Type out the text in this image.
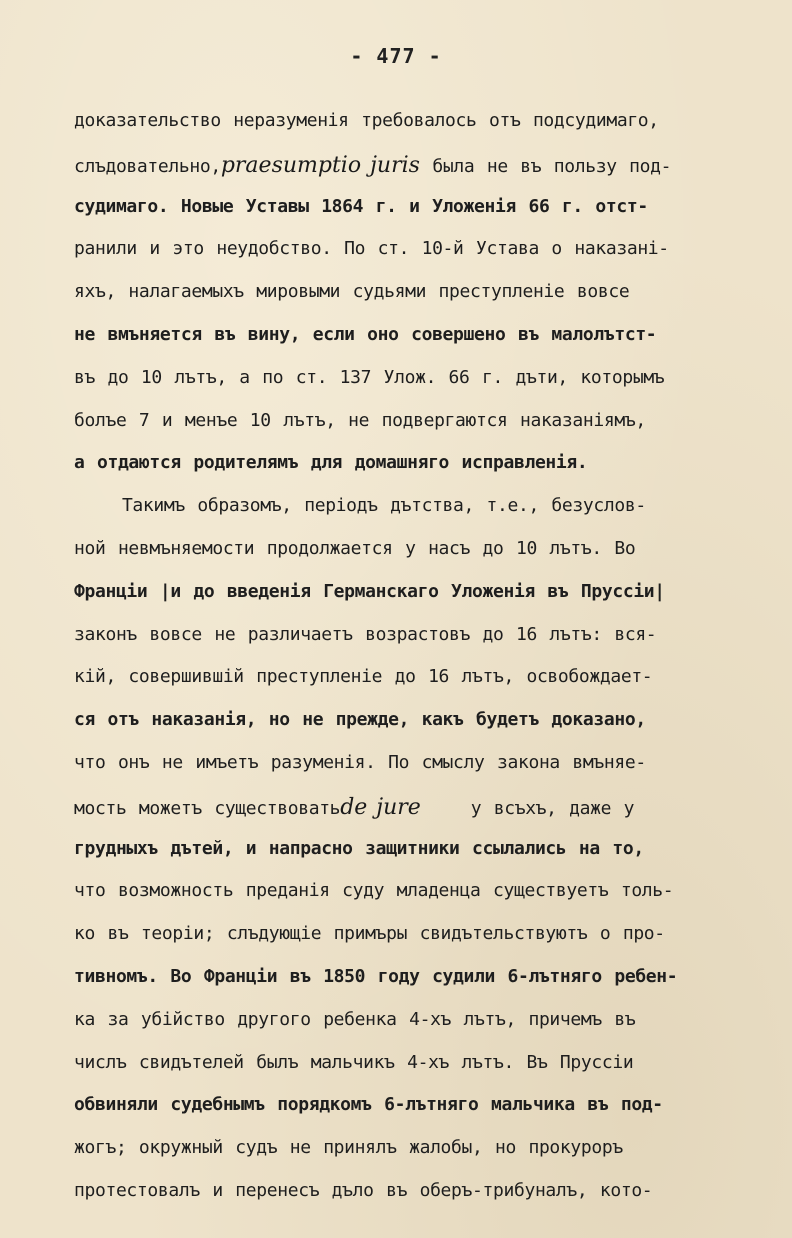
- 477 -
доказательство неразуменія требовалось отъ подсудимаго,
слъдовательно,praesumptio juris была не въ пользу под-
судимаго. Новые Уставы 1864 г. и Уложенія 66 г. отст-
ранили и это неудобство. По ст. 10-й Устава о наказані-
яхъ, налагаемыхъ мировыми судьями преступленіе вовсе
не вмъняется въ вину, если оно совершено въ малолътст-
въ до 10 лътъ, а по ст. 137 Улож. 66 г. дъти, которымъ
болъе 7 и менъе 10 лътъ, не подвергаются наказаніямъ,
а отдаются родителямъ для домашняго исправленія.
Такимъ образомъ, періодъ дътства, т.е., безуслов-
ной невмъняемости продолжается у насъ до 10 лътъ. Во
Франціи |и до введенія Германскаго Уложенія въ Пруссіи|
законъ вовсе не различаетъ возрастовъ до 16 лътъ: вся-
кій, совершившій преступленіе до 16 лътъ, освобождает-
ся отъ наказанія, но не прежде, какъ будетъ доказано,
что онъ не имъетъ разуменія. По смыслу закона вмъняе-
мость можетъ существоватьde jure    у всъхъ, даже у
грудныхъ дътей, и напрасно защитники ссылались на то,
что возможность преданія суду младенца существуетъ толь-
ко въ теоріи; слъдующіе примъры свидътельствуютъ о про-
тивномъ. Во Франціи въ 1850 году судили 6-лътняго ребен-
ка за убійство другого ребенка 4-хъ лътъ, причемъ въ
числъ свидътелей былъ мальчикъ 4-хъ лътъ. Въ Пруссіи
обвиняли судебнымъ порядкомъ 6-лътняго мальчика въ под-
жогъ; окружный судъ не принялъ жалобы, но прокуроръ
протестовалъ и перенесъ дъло въ оберъ-трибуналъ, кото-
